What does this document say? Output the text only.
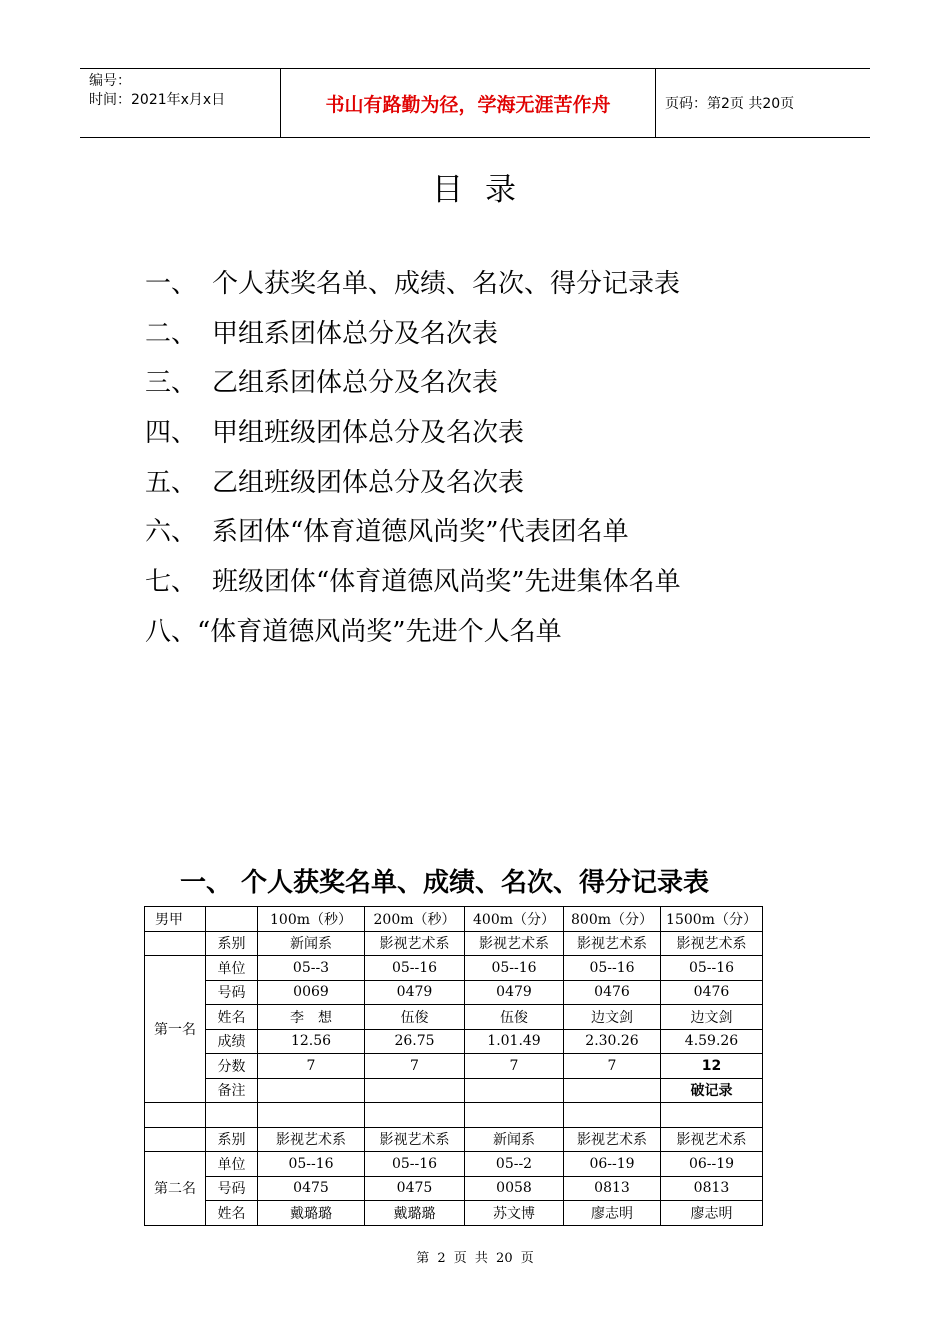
编号：
时间：2021年x月x日	书山有路勤为径，学海无涯苦作舟	页码：第2页 共20页
目录
一、 个人获奖名单、成绩、名次、得分记录表
二、 甲组系团体总分及名次表
三、 乙组系团体总分及名次表
四、 甲组班级团体总分及名次表
五、 乙组班级团体总分及名次表
六、 系团体“体育道德风尚奖”代表团名单
七、 班级团体“体育道德风尚奖”先进集体名单
八、 “体育道德风尚奖”先进个人名单
一、 个人获奖名单、成绩、名次、得分记录表
男甲		100m（秒）	200m（秒）	400m（分）	800m（分）	1500m（分）
	系别	新闻系	影视艺术系	影视艺术系	影视艺术系	影视艺术系
第一名	单位	05--3	05--16	05--16	05--16	05--16
	号码	0069	0479	0479	0476	0476
	姓名	李　想	伍俊	伍俊	边文剑	边文剑
	成绩	12.56	26.75	1.01.49	2.30.26	4.59.26
	分数	7	7	7	7	12
	备注					破记录

	系别	影视艺术系	影视艺术系	新闻系	影视艺术系	影视艺术系
第二名	单位	05--16	05--16	05--2	06--19	06--19
	号码	0475	0475	0058	0813	0813
	姓名	戴璐璐	戴璐璐	苏文博	廖志明	廖志明
第 2 页 共 20 页
